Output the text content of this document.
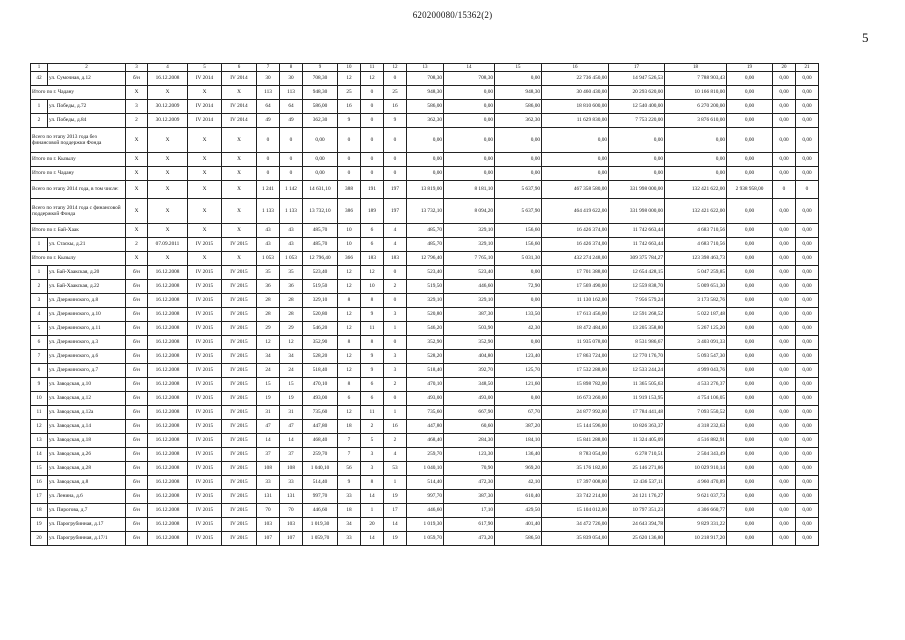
620200080/15362(2)
5
1	2	3	4	5	6	7	8	9	10	11	12	13	14	15	16	17	18	19	20	21
42	ул. Сумочная, д.12	б/н	16.12.2008	IV 2014	IV 2014	30	30	708,30	12	12	0	708,30	708,30	0,00	22 736 450,00	14 947 526,53	7 788 903,43	0,00	0,00	0,00
Итого по г. Чадану		X	X	X	X	113	113	948,30	25	0	25	948,30	0,00	948,30	30 460 430,00	20 293 620,00	10 166 810,00	0,00	0,00	0,00
1	ул. Победы, д.72	3	30.12.2009	IV 2014	IV 2014	64	64	586,00	16	0	16	586,00	0,00	586,00	18 810 600,00	12 540 400,00	6 270 200,00	0,00	0,00	0,00
2	ул. Победы, д.84	2	30.12.2009	IV 2014	IV 2014	49	49	362,30	9	0	9	362,30	0,00	362,30	11 629 830,00	7 753 220,00	3 876 610,00	0,00	0,00	0,00
Всего по этапу 2013 года без финансовой поддержки Фонда		X	X	X	X	0	0	0,00	0	0	0	0,00	0,00	0,00	0,00	0,00	0,00	0,00	0,00	0,00
Итого по г. Кызылу		X	X	X	X	0	0	0,00	0	0	0	0,00	0,00	0,00	0,00	0,00	0,00	0,00	0,00	0,00
Итого по г. Чадану		X	X	X	X	0	0	0,00	0	0	0	0,00	0,00	0,00	0,00	0,00	0,00	0,00	0,00	0,00
Всего по этапу 2014 года, в том числе:		X	X	X	X	1 241	1 142	14 631,10	388	191	197	13 819,00	8 181,10	5 637,90	467 358 580,00	331 998 000,00	132 421 622,00	2 938 958,00	0	0
Всего по этапу 2014 года с финансовой поддержкой Фонда		X	X	X	X	1 133	1 133	13 732,10	386	189	197	13 732,10	8 094,20	5 637,90	464 419 622,00	331 998 000,00	132 421 622,00	0,00	0,00	0,00
Итого по г. Бай-Хаак		X	X	X	X	43	43	485,70	10	6	4	485,70	329,10	156,60	16 426 374,00	11 742 663,44	4 683 710,56	0,00	0,00	0,00
1	ул. Стаскы, д.21	2	07.09.2011	IV 2015	IV 2015	43	43	485,70	10	6	4	485,70	329,10	156,60	16 426 374,00	11 742 663,44	4 683 710,56	0,00	0,00	0,00
Итого по г. Кызылу		X	X	X	X	1 053	1 053	12 796,40	366	183	183	12 796,40	7 765,10	5 031,30	432 274 248,00	309 375 784,27	123 398 463,73	0,00	0,00	0,00
1	ул. Бай-Хаакская, д.20	б/н	16.12.2008	IV 2015	IV 2015	35	35	523,40	12	12	0	523,40	523,40	0,00	17 701 388,00	12 654 428,15	5 047 259,85	0,00	0,00	0,00
2	ул. Бай-Хаакская, д.22	б/н	16.12.2008	IV 2015	IV 2015	36	36	519,50	12	10	2	519,50	446,60	72,90	17 569 490,00	12 559 838,70	5 009 651,30	0,00	0,00	0,00
3	ул. Дзержинского, д.8	б/н	16.12.2008	IV 2015	IV 2015	28	28	329,10	8	8	0	329,10	329,10	0,00	11 130 162,00	7 956 579,24	3 173 582,76	0,00	0,00	0,00
4	ул. Дзержинского, д.10	б/н	16.12.2008	IV 2015	IV 2015	28	28	520,80	12	9	3	520,80	387,30	133,50	17 613 456,00	12 591 268,52	5 022 187,48	0,00	0,00	0,00
5	ул. Дзержинского, д.11	б/н	16.12.2008	IV 2015	IV 2015	29	29	546,20	12	11	1	546,20	503,90	42,30	18 472 484,00	13 205 358,80	5 267 125,20	0,00	0,00	0,00
6	ул. Дзержинского, д.3	б/н	16.12.2008	IV 2015	IV 2015	12	12	352,90	8	8	0	352,90	352,90	0,00	11 935 078,00	8 531 986,67	3 403 091,33	0,00	0,00	0,00
7	ул. Дзержинского, д.6	б/н	16.12.2008	IV 2015	IV 2015	34	34	528,20	12	9	3	528,20	404,80	123,40	17 863 724,00	12 770 176,70	5 093 547,30	0,00	0,00	0,00
8	ул. Дзержинского, д.7	б/н	16.12.2008	IV 2015	IV 2015	24	24	518,40	12	9	3	518,40	392,70	125,70	17 532 288,00	12 533 244,24	4 999 043,76	0,00	0,00	0,00
9	ул. Заводская, д.10	б/н	16.12.2008	IV 2015	IV 2015	15	15	470,10	8	6	2	470,10	348,50	121,60	15 898 782,00	11 365 505,63	4 533 276,37	0,00	0,00	0,00
10	ул. Заводская, д.12	б/н	16.12.2008	IV 2015	IV 2015	19	19	493,00	6	6	0	493,00	493,00	0,00	16 673 260,00	11 919 153,95	4 754 106,05	0,00	0,00	0,00
11	ул. Заводская, д.12а	б/н	16.12.2008	IV 2015	IV 2015	31	31	735,60	12	11	1	735,60	667,90	67,70	24 877 992,00	17 784 441,48	7 093 550,52	0,00	0,00	0,00
12	ул. Заводская, д.14	б/н	16.12.2008	IV 2015	IV 2015	47	47	447,80	18	2	16	447,80	60,60	387,20	15 144 596,00	10 826 363,37	4 318 232,63	0,00	0,00	0,00
13	ул. Заводская, д.18	б/н	16.12.2008	IV 2015	IV 2015	14	14	468,40	7	5	2	468,40	284,30	184,10	15 841 288,00	11 324 405,09	4 516 882,91	0,00	0,00	0,00
14	ул. Заводская, д.26	б/н	16.12.2008	IV 2015	IV 2015	37	37	259,70	7	3	4	259,70	123,30	136,40	8 783 054,00	6 278 710,51	2 504 343,49	0,00	0,00	0,00
15	ул. Заводская, д.28	б/н	16.12.2008	IV 2015	IV 2015	108	108	1 040,10	56	3	53	1 040,10	70,90	969,20	35 176 182,00	25 146 271,86	10 029 910,14	0,00	0,00	0,00
16	ул. Заводская, д.8	б/н	16.12.2008	IV 2015	IV 2015	33	33	514,40	9	8	1	514,40	472,30	42,10	17 397 008,00	12 436 537,11	4 960 470,89	0,00	0,00	0,00
17	ул. Ленина, д.6	б/н	16.12.2008	IV 2015	IV 2015	131	131	997,70	33	14	19	997,70	387,30	610,40	33 742 214,00	24 121 176,27	9 621 037,73	0,00	0,00	0,00
18	ул. Пирогова, д.7	б/н	16.12.2008	IV 2015	IV 2015	70	70	446,60	18	1	17	446,60	17,10	429,50	15 104 012,00	10 797 351,23	4 306 660,77	0,00	0,00	0,00
19	ул. Парогрубинная, д.17	б/н	16.12.2008	IV 2015	IV 2015	103	103	1 019,30	34	20	14	1 019,30	617,90	401,40	34 472 726,00	24 643 394,78	9 829 331,22	0,00	0,00	0,00
20	ул. Парогрубинная, д.17/1	б/н	16.12.2008	IV 2015	IV 2015	107	107	1 059,70	33	14	19	1 059,70	473,20	586,50	35 839 054,00	25 620 136,80	10 218 917,20	0,00	0,00	0,00
